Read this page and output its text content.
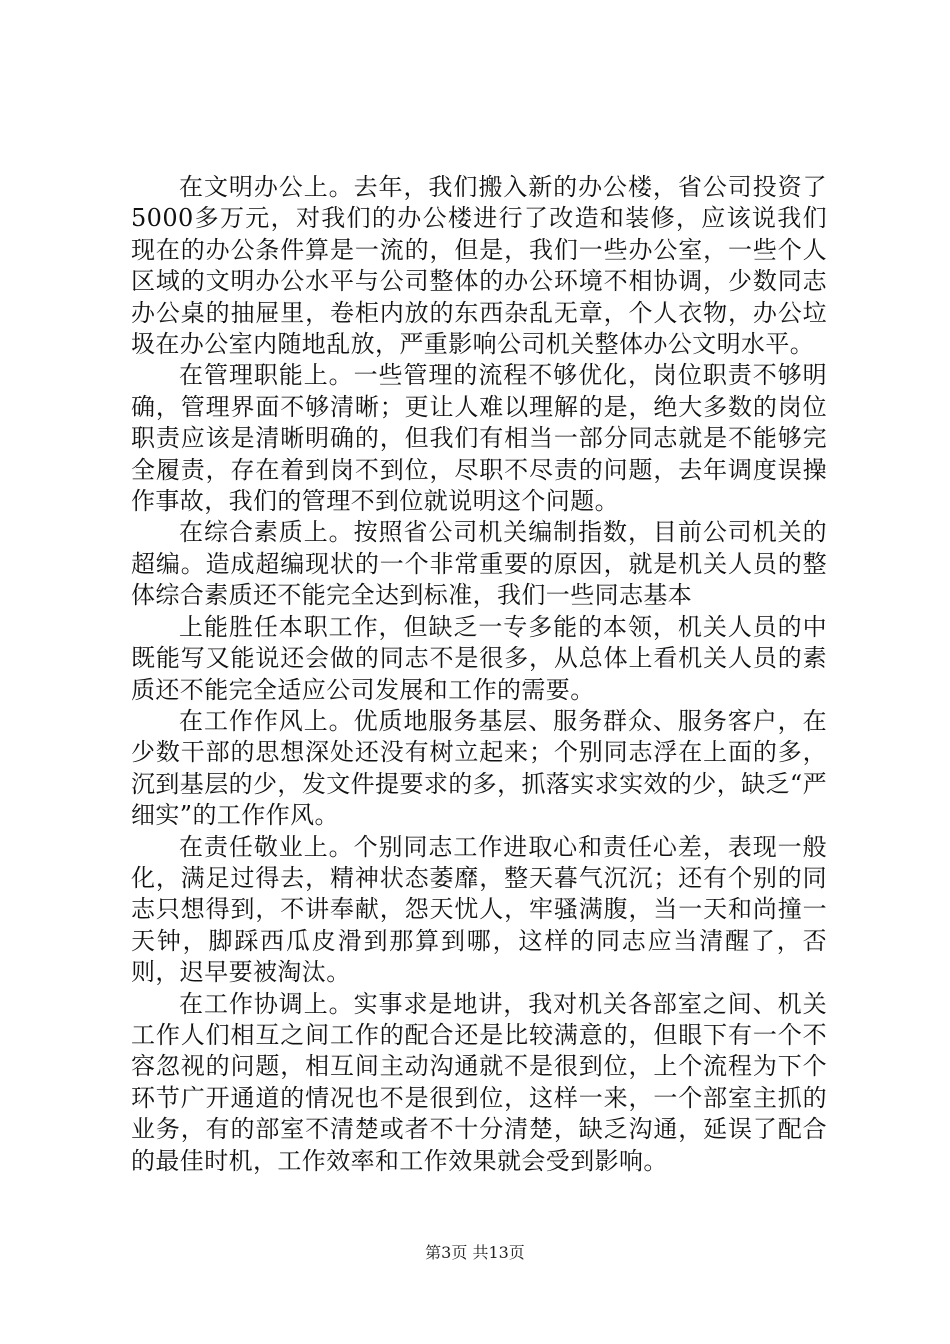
在文明办公上。去年，我们搬入新的办公楼，省公司投资了5000多万元，对我们的办公楼进行了改造和装修，应该说我们现在的办公条件算是一流的，但是，我们一些办公室，一些个人区域的文明办公水平与公司整体的办公环境不相协调，少数同志办公桌的抽屉里，卷柜内放的东西杂乱无章，个人衣物，办公垃圾在办公室内随地乱放，严重影响公司机关整体办公文明水平。

在管理职能上。一些管理的流程不够优化，岗位职责不够明确，管理界面不够清晰；更让人难以理解的是，绝大多数的岗位职责应该是清晰明确的，但我们有相当一部分同志就是不能够完全履责，存在着到岗不到位，尽职不尽责的问题，去年调度误操作事故，我们的管理不到位就说明这个问题。

在综合素质上。按照省公司机关编制指数，目前公司机关的超编。造成超编现状的一个非常重要的原因，就是机关人员的整体综合素质还不能完全达到标准，我们一些同志基本

上能胜任本职工作，但缺乏一专多能的本领，机关人员的中既能写又能说还会做的同志不是很多，从总体上看机关人员的素质还不能完全适应公司发展和工作的需要。

在工作作风上。优质地服务基层、服务群众、服务客户，在少数干部的思想深处还没有树立起来；个别同志浮在上面的多，沉到基层的少，发文件提要求的多，抓落实求实效的少，缺乏“严细实”的工作作风。

在责任敬业上。个别同志工作进取心和责任心差，表现一般化，满足过得去，精神状态萎靡，整天暮气沉沉；还有个别的同志只想得到，不讲奉献，怨天忧人，牢骚满腹，当一天和尚撞一天钟，脚踩西瓜皮滑到那算到哪，这样的同志应当清醒了，否则，迟早要被淘汰。

在工作协调上。实事求是地讲，我对机关各部室之间、机关工作人们相互之间工作的配合还是比较满意的，但眼下有一个不容忽视的问题，相互间主动沟通就不是很到位，上个流程为下个环节广开通道的情况也不是很到位，这样一来，一个部室主抓的业务，有的部室不清楚或者不十分清楚，缺乏沟通，延误了配合的最佳时机，工作效率和工作效果就会受到影响。

第3页 共13页
